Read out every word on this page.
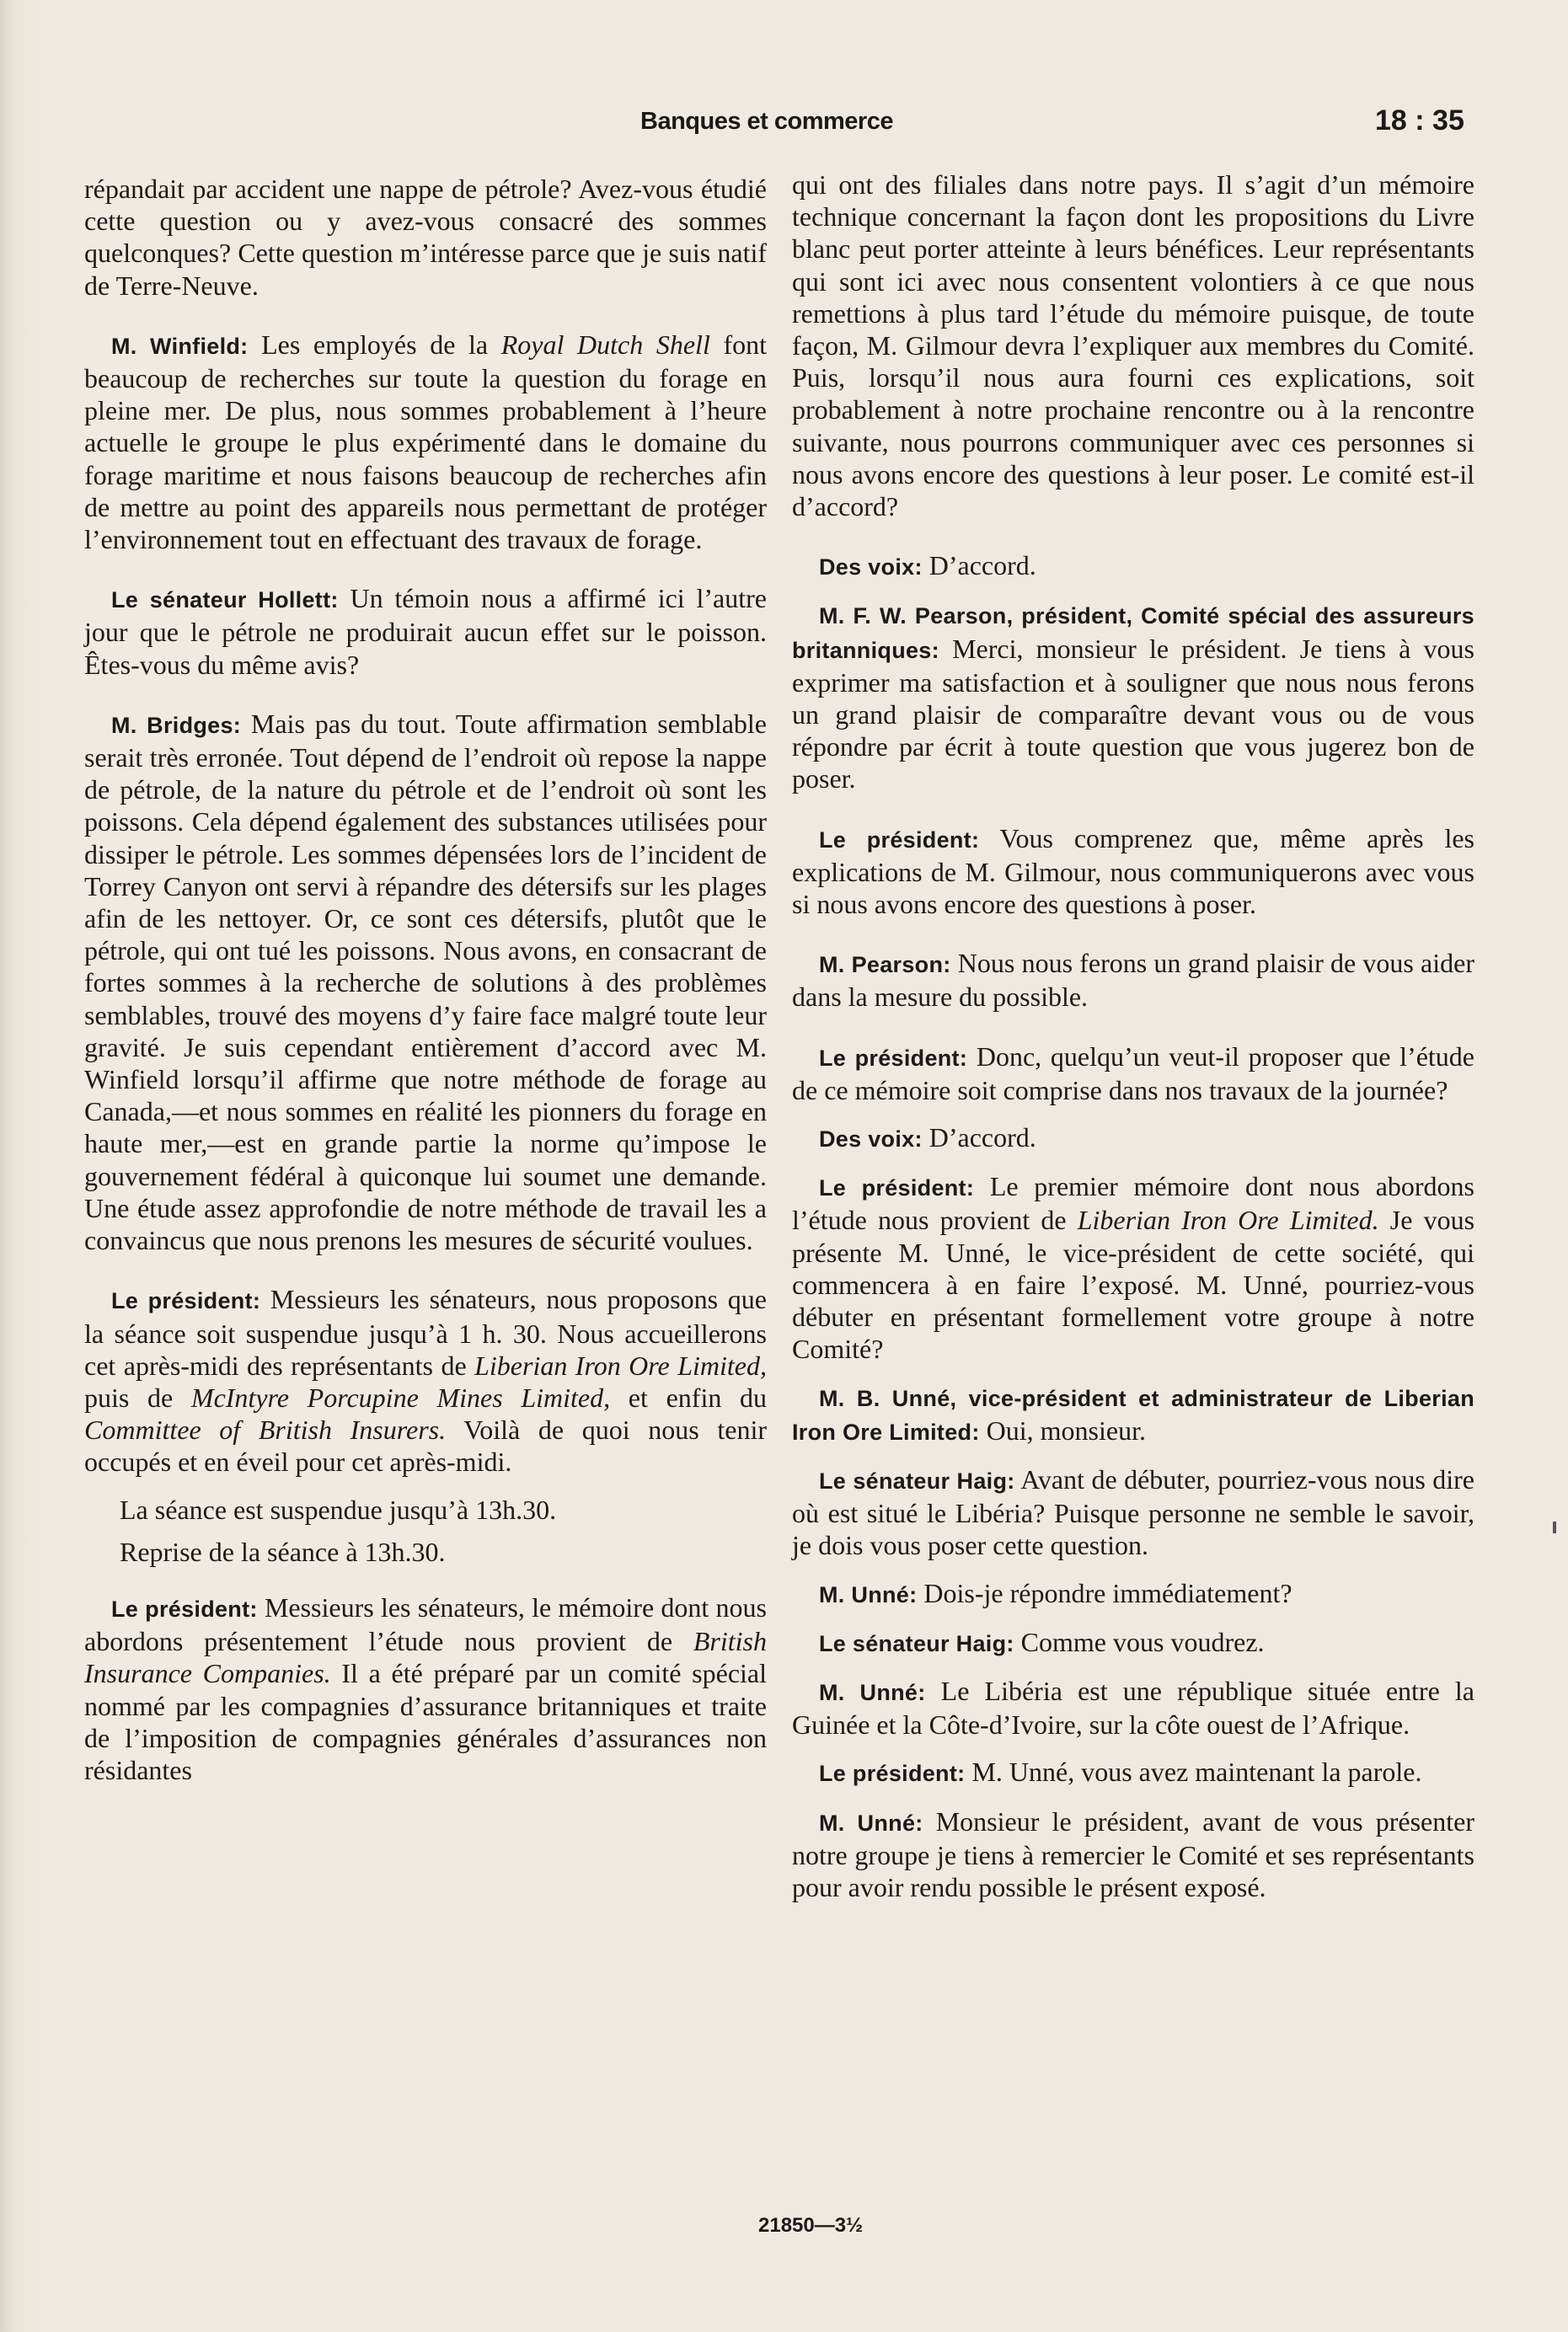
Banques et commerce	18 : 35

répandait par accident une nappe de pétrole? Avez-vous étudié cette question ou y avez-vous consacré des sommes quelconques? Cette question m’intéresse parce que je suis natif de Terre-Neuve.

M. Winfield: Les employés de la Royal Dutch Shell font beaucoup de recherches sur toute la question du forage en pleine mer. De plus, nous sommes probablement à l’heure actuelle le groupe le plus expérimenté dans le domaine du forage maritime et nous faisons beaucoup de recherches afin de mettre au point des appareils nous permettant de protéger l’environnement tout en effectuant des travaux de forage.

Le sénateur Hollett: Un témoin nous a affirmé ici l’autre jour que le pétrole ne produirait aucun effet sur le poisson. Êtes-vous du même avis?

M. Bridges: Mais pas du tout. Toute affirmation semblable serait très erronée. Tout dépend de l’endroit où repose la nappe de pétrole, de la nature du pétrole et de l’endroit où sont les poissons. Cela dépend également des substances utilisées pour dissiper le pétrole. Les sommes dépensées lors de l’incident de Torrey Canyon ont servi à répandre des détersifs sur les plages afin de les nettoyer. Or, ce sont ces détersifs, plutôt que le pétrole, qui ont tué les poissons. Nous avons, en consacrant de fortes sommes à la recherche de solutions à des problèmes semblables, trouvé des moyens d’y faire face malgré toute leur gravité. Je suis cependant entièrement d’accord avec M. Winfield lorsqu’il affirme que notre méthode de forage au Canada,—et nous sommes en réalité les pionners du forage en haute mer,—est en grande partie la norme qu’impose le gouvernement fédéral à quiconque lui soumet une demande. Une étude assez approfondie de notre méthode de travail les a convaincus que nous prenons les mesures de sécurité voulues.

Le président: Messieurs les sénateurs, nous proposons que la séance soit suspendue jusqu’à 1 h. 30. Nous accueillerons cet après-midi des représentants de Liberian Iron Ore Limited, puis de McIntyre Porcupine Mines Limited, et enfin du Committee of British Insurers. Voilà de quoi nous tenir occupés et en éveil pour cet après-midi.

La séance est suspendue jusqu’à 13h.30.

Reprise de la séance à 13h.30.

Le président: Messieurs les sénateurs, le mémoire dont nous abordons présentement l’étude nous provient de British Insurance Companies. Il a été préparé par un comité spécial nommé par les compagnies d’assurance britanniques et traite de l’imposition de compagnies générales d’assurances non résidantes

qui ont des filiales dans notre pays. Il s’agit d’un mémoire technique concernant la façon dont les propositions du Livre blanc peut porter atteinte à leurs bénéfices. Leur représentants qui sont ici avec nous consentent volontiers à ce que nous remettions à plus tard l’étude du mémoire puisque, de toute façon, M. Gilmour devra l’expliquer aux membres du Comité. Puis, lorsqu’il nous aura fourni ces explications, soit probablement à notre prochaine rencontre ou à la rencontre suivante, nous pourrons communiquer avec ces personnes si nous avons encore des questions à leur poser. Le comité est-il d’accord?

Des voix: D’accord.

M. F. W. Pearson, président, Comité spécial des assureurs britanniques: Merci, monsieur le président. Je tiens à vous exprimer ma satisfaction et à souligner que nous nous ferons un grand plaisir de comparaître devant vous ou de vous répondre par écrit à toute question que vous jugerez bon de poser.

Le président: Vous comprenez que, même après les explications de M. Gilmour, nous communiquerons avec vous si nous avons encore des questions à poser.

M. Pearson: Nous nous ferons un grand plaisir de vous aider dans la mesure du possible.

Le président: Donc, quelqu’un veut-il proposer que l’étude de ce mémoire soit comprise dans nos travaux de la journée?

Des voix: D’accord.

Le président: Le premier mémoire dont nous abordons l’étude nous provient de Liberian Iron Ore Limited. Je vous présente M. Unné, le vice-président de cette société, qui commencera à en faire l’exposé. M. Unné, pourriez-vous débuter en présentant formellement votre groupe à notre Comité?

M. B. Unné, vice-président et administrateur de Liberian Iron Ore Limited: Oui, monsieur.

Le sénateur Haig: Avant de débuter, pourriez-vous nous dire où est situé le Libéria? Puisque personne ne semble le savoir, je dois vous poser cette question.

M. Unné: Dois-je répondre immédiatement?

Le sénateur Haig: Comme vous voudrez.

M. Unné: Le Libéria est une république située entre la Guinée et la Côte-d’Ivoire, sur la côte ouest de l’Afrique.

Le président: M. Unné, vous avez maintenant la parole.

M. Unné: Monsieur le président, avant de vous présenter notre groupe je tiens à remercier le Comité et ses représentants pour avoir rendu possible le présent exposé.

21850—3½
